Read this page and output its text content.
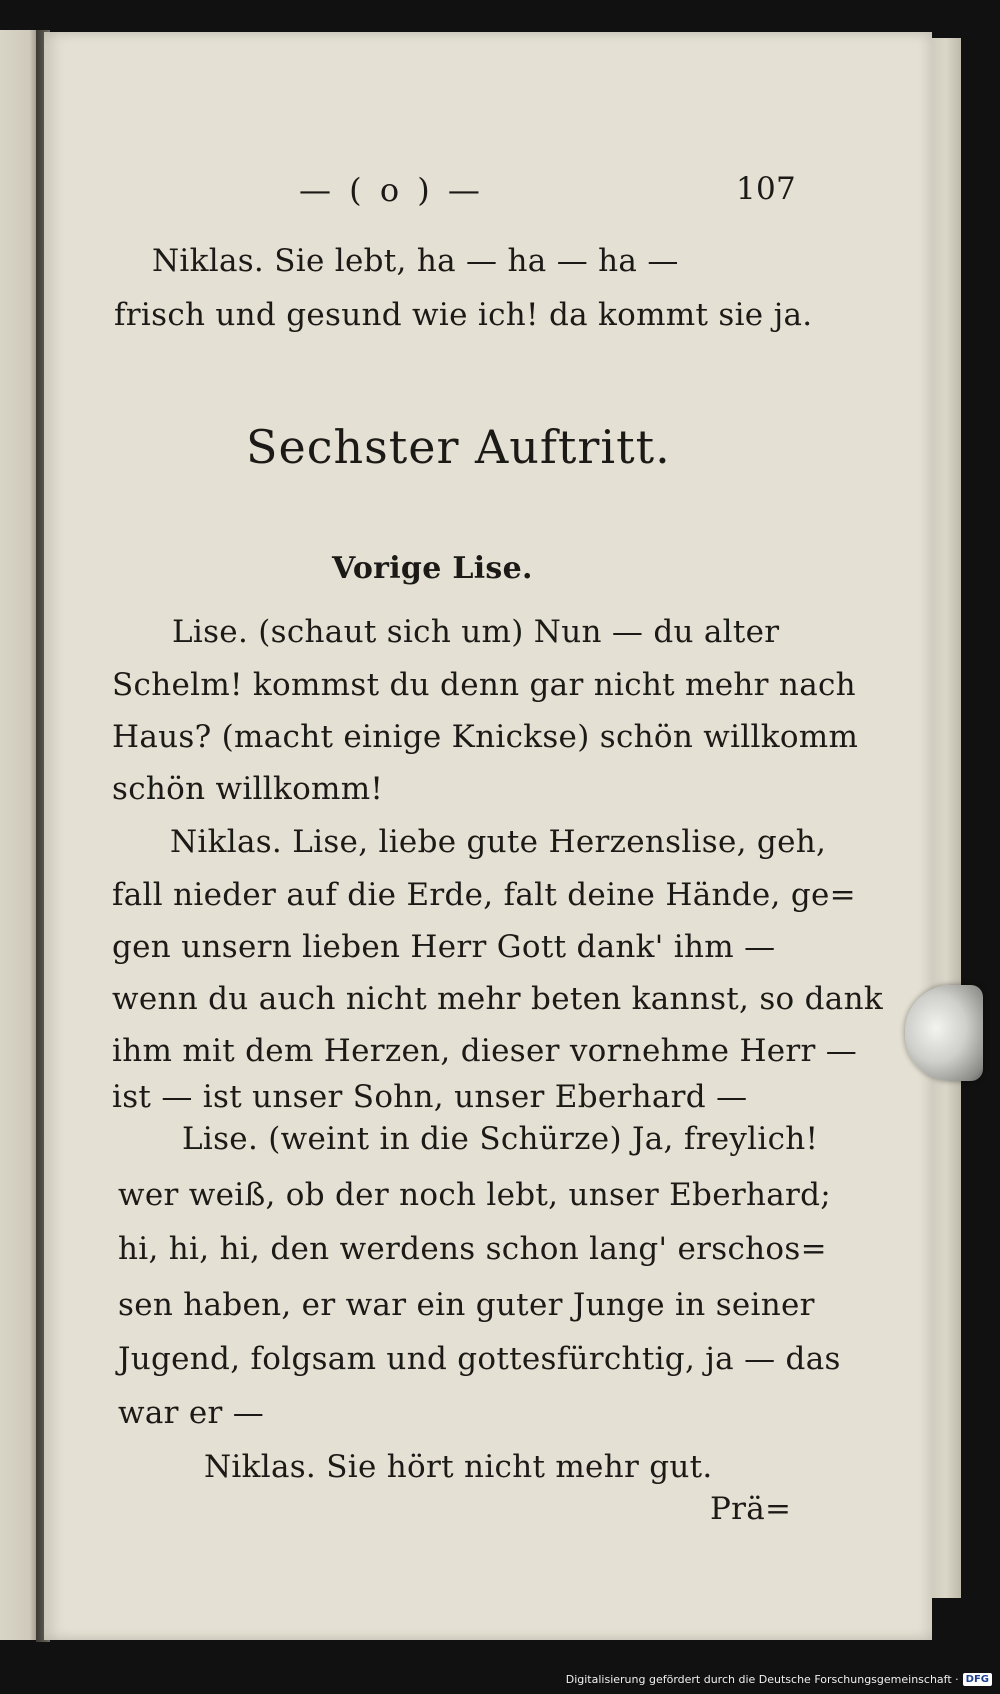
— ( o ) —	107
Niklas. Sie lebt, ha — ha — ha —
frisch und gesund wie ich! da kommt sie ja.
Sechster Auftritt.
Vorige Lise.
Lise. (schaut sich um) Nun — du alter
Schelm! kommst du denn gar nicht mehr nach
Haus? (macht einige Knickse) schön willkomm
schön willkomm!
Niklas. Lise, liebe gute Herzenslise, geh,
fall nieder auf die Erde, falt deine Hände, ge=
gen unsern lieben Herr Gott dank' ihm —
wenn du auch nicht mehr beten kannst, so dank
ihm mit dem Herzen, dieser vornehme Herr —
ist — ist unser Sohn, unser Eberhard —
Lise. (weint in die Schürze) Ja, freylich!
wer weiß, ob der noch lebt, unser Eberhard;
hi, hi, hi, den werdens schon lang' erschos=
sen haben, er war ein guter Junge in seiner
Jugend, folgsam und gottesfürchtig, ja — das
war er —
Niklas. Sie hört nicht mehr gut.
Prä=
Digitalisierung gefördert durch die Deutsche Forschungsgemeinschaft · DFG
